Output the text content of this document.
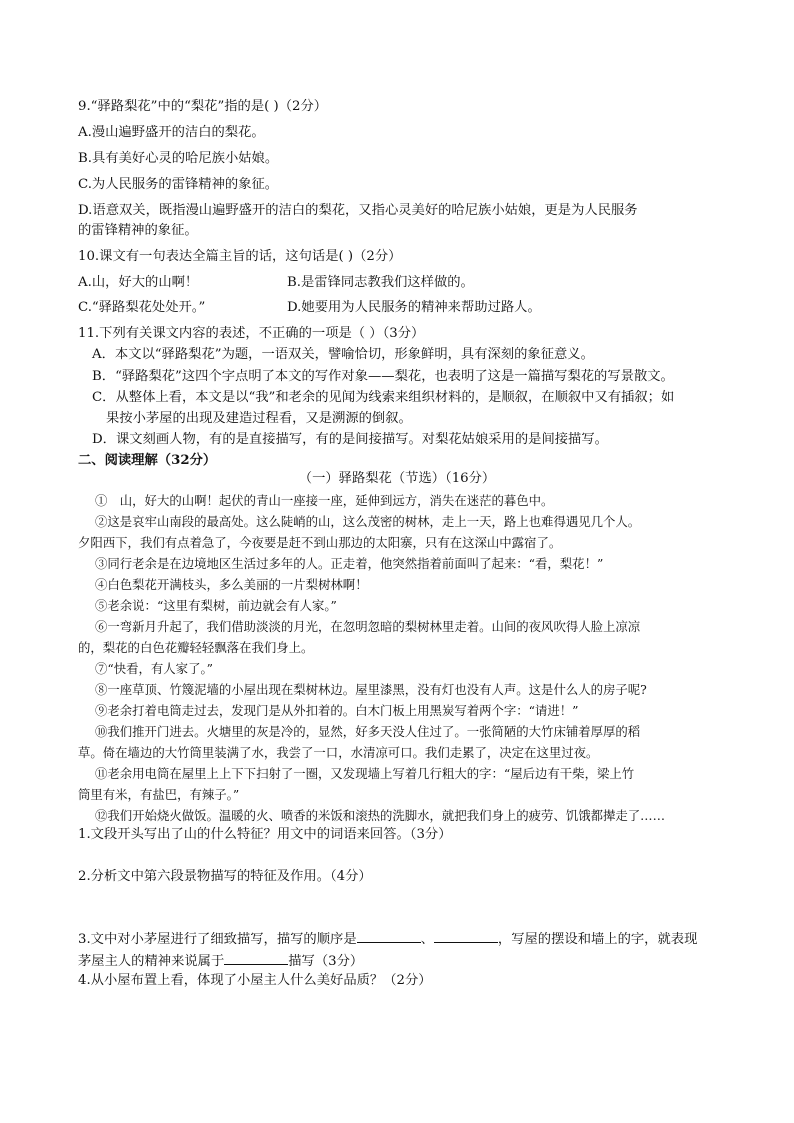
9.“驿路梨花”中的“梨花”指的是( )（2分）
A.漫山遍野盛开的洁白的梨花。
B.具有美好心灵的哈尼族小姑娘。
C.为人民服务的雷锋精神的象征。
D.语意双关，既指漫山遍野盛开的洁白的梨花，又指心灵美好的哈尼族小姑娘，更是为人民服务
的雷锋精神的象征。
10.课文有一句表达全篇主旨的话，这句话是( )（2分）
A.山，好大的山啊！	B.是雷锋同志教我们这样做的。
C.“驿路梨花处处开。”	D.她要用为人民服务的精神来帮助过路人。
11.下列有关课文内容的表述，不正确的一项是（ ）（3分）
A．本文以“驿路梨花”为题，一语双关，譬喻恰切，形象鲜明，具有深刻的象征意义。
B．“驿路梨花”这四个字点明了本文的写作对象——梨花，也表明了这是一篇描写梨花的写景散文。
C．从整体上看，本文是以“我”和老余的见闻为线索来组织材料的，是顺叙，在顺叙中又有插叙；如
果按小茅屋的出现及建造过程看，又是溯源的倒叙。
D．课文刻画人物，有的是直接描写，有的是间接描写。对梨花姑娘采用的是间接描写。
二、阅读理解（32分）
（一）驿路梨花（节选）（16分）
①　山，好大的山啊！起伏的青山一座接一座，延伸到远方，消失在迷茫的暮色中。
②这是哀牢山南段的最高处。这么陡峭的山，这么茂密的树林，走上一天，路上也难得遇见几个人。
夕阳西下，我们有点着急了，今夜要是赶不到山那边的太阳寨，只有在这深山中露宿了。
③同行老余是在边境地区生活过多年的人。正走着，他突然指着前面叫了起来：“看，梨花！”
④白色梨花开满枝头，多么美丽的一片梨树林啊！
⑤老余说：“这里有梨树，前边就会有人家。”
⑥一弯新月升起了，我们借助淡淡的月光，在忽明忽暗的梨树林里走着。山间的夜风吹得人脸上凉凉
的，梨花的白色花瓣轻轻飘落在我们身上。
⑦“快看，有人家了。”
⑧一座草顶、竹篾泥墙的小屋出现在梨树林边。屋里漆黑，没有灯也没有人声。这是什么人的房子呢?
⑨老余打着电筒走过去，发现门是从外扣着的。白木门板上用黑炭写着两个字：“请进！”
⑩我们推开门进去。火塘里的灰是冷的，显然，好多天没人住过了。一张简陋的大竹床铺着厚厚的稻
草。倚在墙边的大竹筒里装满了水，我尝了一口，水清凉可口。我们走累了，决定在这里过夜。
⑪老余用电筒在屋里上上下下扫射了一圈，又发现墙上写着几行粗大的字：“屋后边有干柴，梁上竹
筒里有米，有盐巴，有辣子。”
⑫我们开始烧火做饭。温暖的火、喷香的米饭和滚热的洗脚水，就把我们身上的疲劳、饥饿都撵走了……
1.文段开头写出了山的什么特征？用文中的词语来回答。（3分）
2.分析文中第六段景物描写的特征及作用。（4分）
3.文中对小茅屋进行了细致描写，描写的顺序是	、	，写屋的摆设和墙上的字，就表现
茅屋主人的精神来说属于	描写（3分）
4.从小屋布置上看，体现了小屋主人什么美好品质？（2分）
